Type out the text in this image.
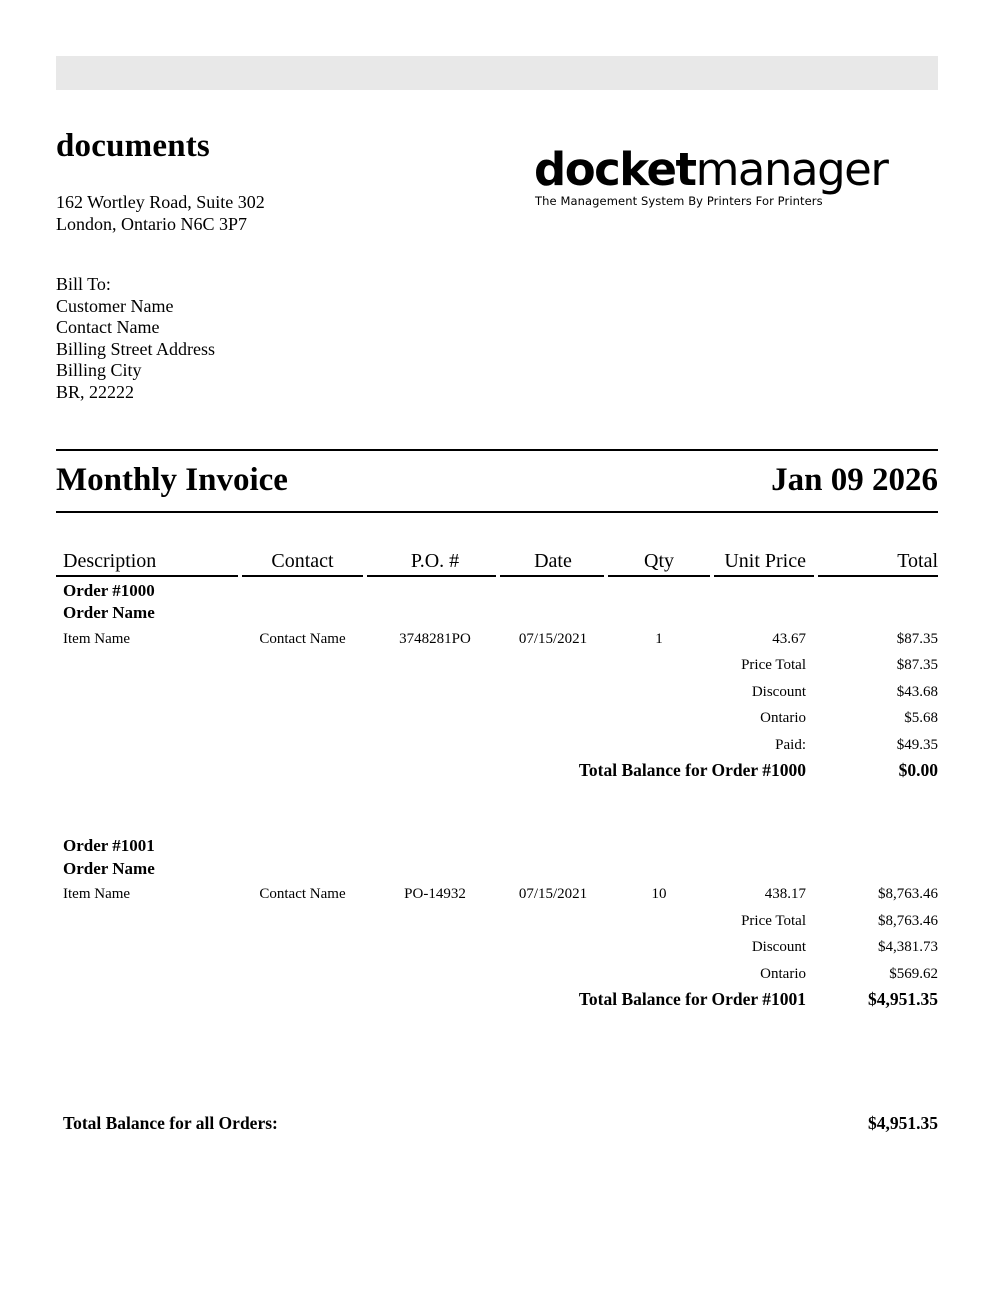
documents
162 Wortley Road, Suite 302
London, Ontario N6C 3P7
docketmanager
The Management System By Printers For Printers
Bill To:
Customer Name
Contact Name
Billing Street Address
Billing City
BR, 22222
Monthly Invoice	Jan 09 2026
Description	Contact	P.O. #	Date	Qty	Unit Price	Total
Order #1000
Order Name
Item Name	Contact Name	3748281PO	07/15/2021	1	43.67	$87.35
Price Total	$87.35
Discount	$43.68
Ontario	$5.68
Paid:	$49.35
Total Balance for Order #1000	$0.00
Order #1001
Order Name
Item Name	Contact Name	PO-14932	07/15/2021	10	438.17	$8,763.46
Price Total	$8,763.46
Discount	$4,381.73
Ontario	$569.62
Total Balance for Order #1001	$4,951.35
Total Balance for all Orders:	$4,951.35
